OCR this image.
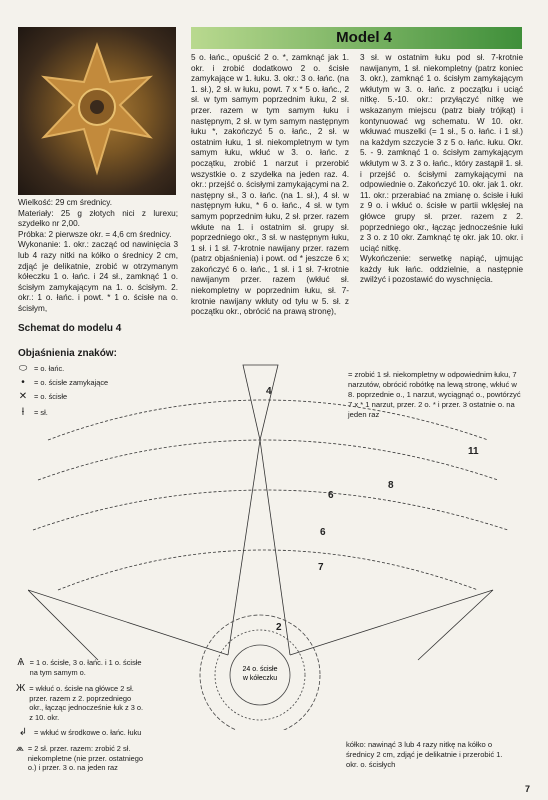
Model 4

Wielkość: 29 cm średnicy.

Materiały: 25 g złotych nici z lurexu; szydełko nr 2,00.

Próbka: 2 pierwsze okr. = 4,6 cm średnicy.

Wykonanie: 1. okr.: zacząć od nawinięcia 3 lub 4 razy nitki na kółko o średnicy 2 cm, zdjąć je delikatnie, zrobić w otrzymanym kółeczku 1 o. łańc. i 24 sł., zamknąć 1 o. ścisłym zamykającym na 1. o. ścisłym. 2. okr.: 1 o. łańc. i powt. * 1 o. ścisłe na o. ścisłym,

5 o. łańc., opuścić 2 o. *, zamknąć jak 1. okr. i zrobić dodatkowo 2 o. ścisłe zamykające w 1. łuku. 3. okr.: 3 o. łańc. (na 1. sł.), 2 sł. w łuku, powt. 7 x * 5 o. łańc., 2 sł. w tym samym poprzednim łuku, 2 sł. przer. razem w tym samym łuku i następnym, 2 sł. w tym samym następnym łuku *, zakończyć 5 o. łańc., 2 sł. w ostatnim łuku, 1 sł. niekompletnym w tym samym łuku, wkłuć w 3. o. łańc. z początku, zrobić 1 narzut i przerobić wszystkie o. z szydełka na jeden raz. 4. okr.: przejść o. ścisłymi zamykającymi na 2. następny sł., 3 o. łańc. (na 1. sł.), 4 sł. w następnym łuku, * 6 o. łańc., 4 sł. w tym samym poprzednim łuku, 2 sł. przer. razem wkłute na 1. i ostatnim sł. grupy sł. poprzedniego okr., 3 sł. w następnym łuku, 1 sł. i 1 sł. 7-krotnie nawijany przer. razem (patrz objaśnienia) i powt. od * jeszcze 6 x; zakończyć 6 o. łańc., 1 sł. i 1 sł. 7-krotnie nawijanym przer. razem (wkłuć sł. niekompletny w poprzednim łuku, sł. 7-krotnie nawijany wkłuty od tyłu w 5. sł. z początku okr., obrócić na prawą stronę),

3 sł. w ostatnim łuku pod sł. 7-krotnie nawijanym, 1 sł. niekompletny (patrz koniec 3. okr.), zamknąć 1 o. ścisłym zamykającym wkłutym w 3. o. łańc. z początku i uciąć nitkę. 5.-10. okr.: przyłączyć nitkę we wskazanym miejscu (patrz biały trójkąt) i kontynuować wg schematu. W 10. okr. wkłuwać muszelki (= 1 sł., 5 o. łańc. i 1 sł.) na każdym szczycie 3 z 5 o. łańc. łuku. Okr. 5. - 9. zamknąć 1 o. ścisłym zamykającym wkłutym w 3. z 3 o. łańc., który zastąpił 1. sł. i przejść o. ścisłymi zamykającymi na odpowiednie o. Zakończyć 10. okr. jak 1. okr. 11. okr.: przerabiać na zmianę o. ścisłe i łuki z 9 o. i wkłuć o. ścisłe w partii wklęsłej na główce grupy sł. przer. razem z 2. poprzedniego okr., łącząc jednocześnie łuki z 3 o. z 10 okr. Zamknąć tę okr. jak 10. okr. i uciąć nitkę.

Wykończenie: serwetkę napiąć, ujmując każdy łuk łańc. oddzielnie, a następnie zwilżyć i pozostawić do wyschnięcia.

Schemat do modelu 4
Objaśnienia znaków:
⬭ = o. łańc.
•	= o. ścisłe zamykające
✕ = o. ścisłe
ƚ	= sł.
= zrobić 1 sł. niekompletny w odpowiednim łuku, 7 narzutów, obrócić robótkę na lewą stronę, wkłuć w 8. poprzednie o., 1 narzut, wyciągnąć o., powtórzyć 7 x * 1 narzut, przer. 2 o. * i przer. 3 ostatnie o. na jeden raz
24 o. ścisłe
w kółeczku
4
6
6
7
2
8
11
Ѧ = 1 o. ścisłe, 3 o. łańc. i 1 o. ścisłe na tym samym o.
Ж = wkłuć o. ścisłe na główce 2 sł. przer. razem z 2. poprzedniego okr., łącząc jednocześnie łuk z 3 o. z 10. okr.
↲ = wkłuć w środkowe o. łańc. łuku
⩕ = 2 sł. przer. razem: zrobić 2 sł. niekompletne (nie przer. ostatniego o.) i przer. 3 o. na jeden raz
kółko: nawinąć 3 lub 4 razy nitkę na kółko o średnicy 2 cm, zdjąć je delikatnie i przerobić 1. okr. o. ścisłych
7
